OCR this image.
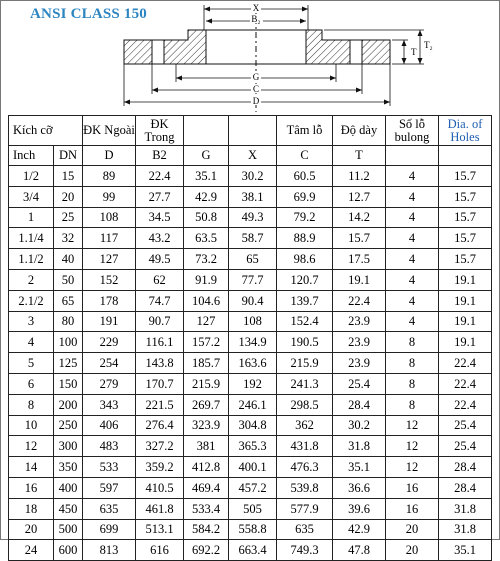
ANSI CLASS 150	X
B₂
G
C
D
T
T₂
Kích cỡ		ĐK Ngoài	ĐK Trong			Tâm lỗ	Độ dày	Số lỗ bulong	Dia. of Holes
Inch	DN	D	B2	G	X	C	T		
1/2	15	89	22.4	35.1	30.2	60.5	11.2	4	15.7
3/4	20	99	27.7	42.9	38.1	69.9	12.7	4	15.7
1	25	108	34.5	50.8	49.3	79.2	14.2	4	15.7
1.1/4	32	117	43.2	63.5	58.7	88.9	15.7	4	15.7
1.1/2	40	127	49.5	73.2	65	98.6	17.5	4	15.7
2	50	152	62	91.9	77.7	120.7	19.1	4	19.1
2.1/2	65	178	74.7	104.6	90.4	139.7	22.4	4	19.1
3	80	191	90.7	127	108	152.4	23.9	4	19.1
4	100	229	116.1	157.2	134.9	190.5	23.9	8	19.1
5	125	254	143.8	185.7	163.6	215.9	23.9	8	22.4
6	150	279	170.7	215.9	192	241.3	25.4	8	22.4
8	200	343	221.5	269.7	246.1	298.5	28.4	8	22.4
10	250	406	276.4	323.9	304.8	362	30.2	12	25.4
12	300	483	327.2	381	365.3	431.8	31.8	12	25.4
14	350	533	359.2	412.8	400.1	476.3	35.1	12	28.4
16	400	597	410.5	469.4	457.2	539.8	36.6	16	28.4
18	450	635	461.8	533.4	505	577.9	39.6	16	31.8
20	500	699	513.1	584.2	558.8	635	42.9	20	31.8
24	600	813	616	692.2	663.4	749.3	47.8	20	35.1
